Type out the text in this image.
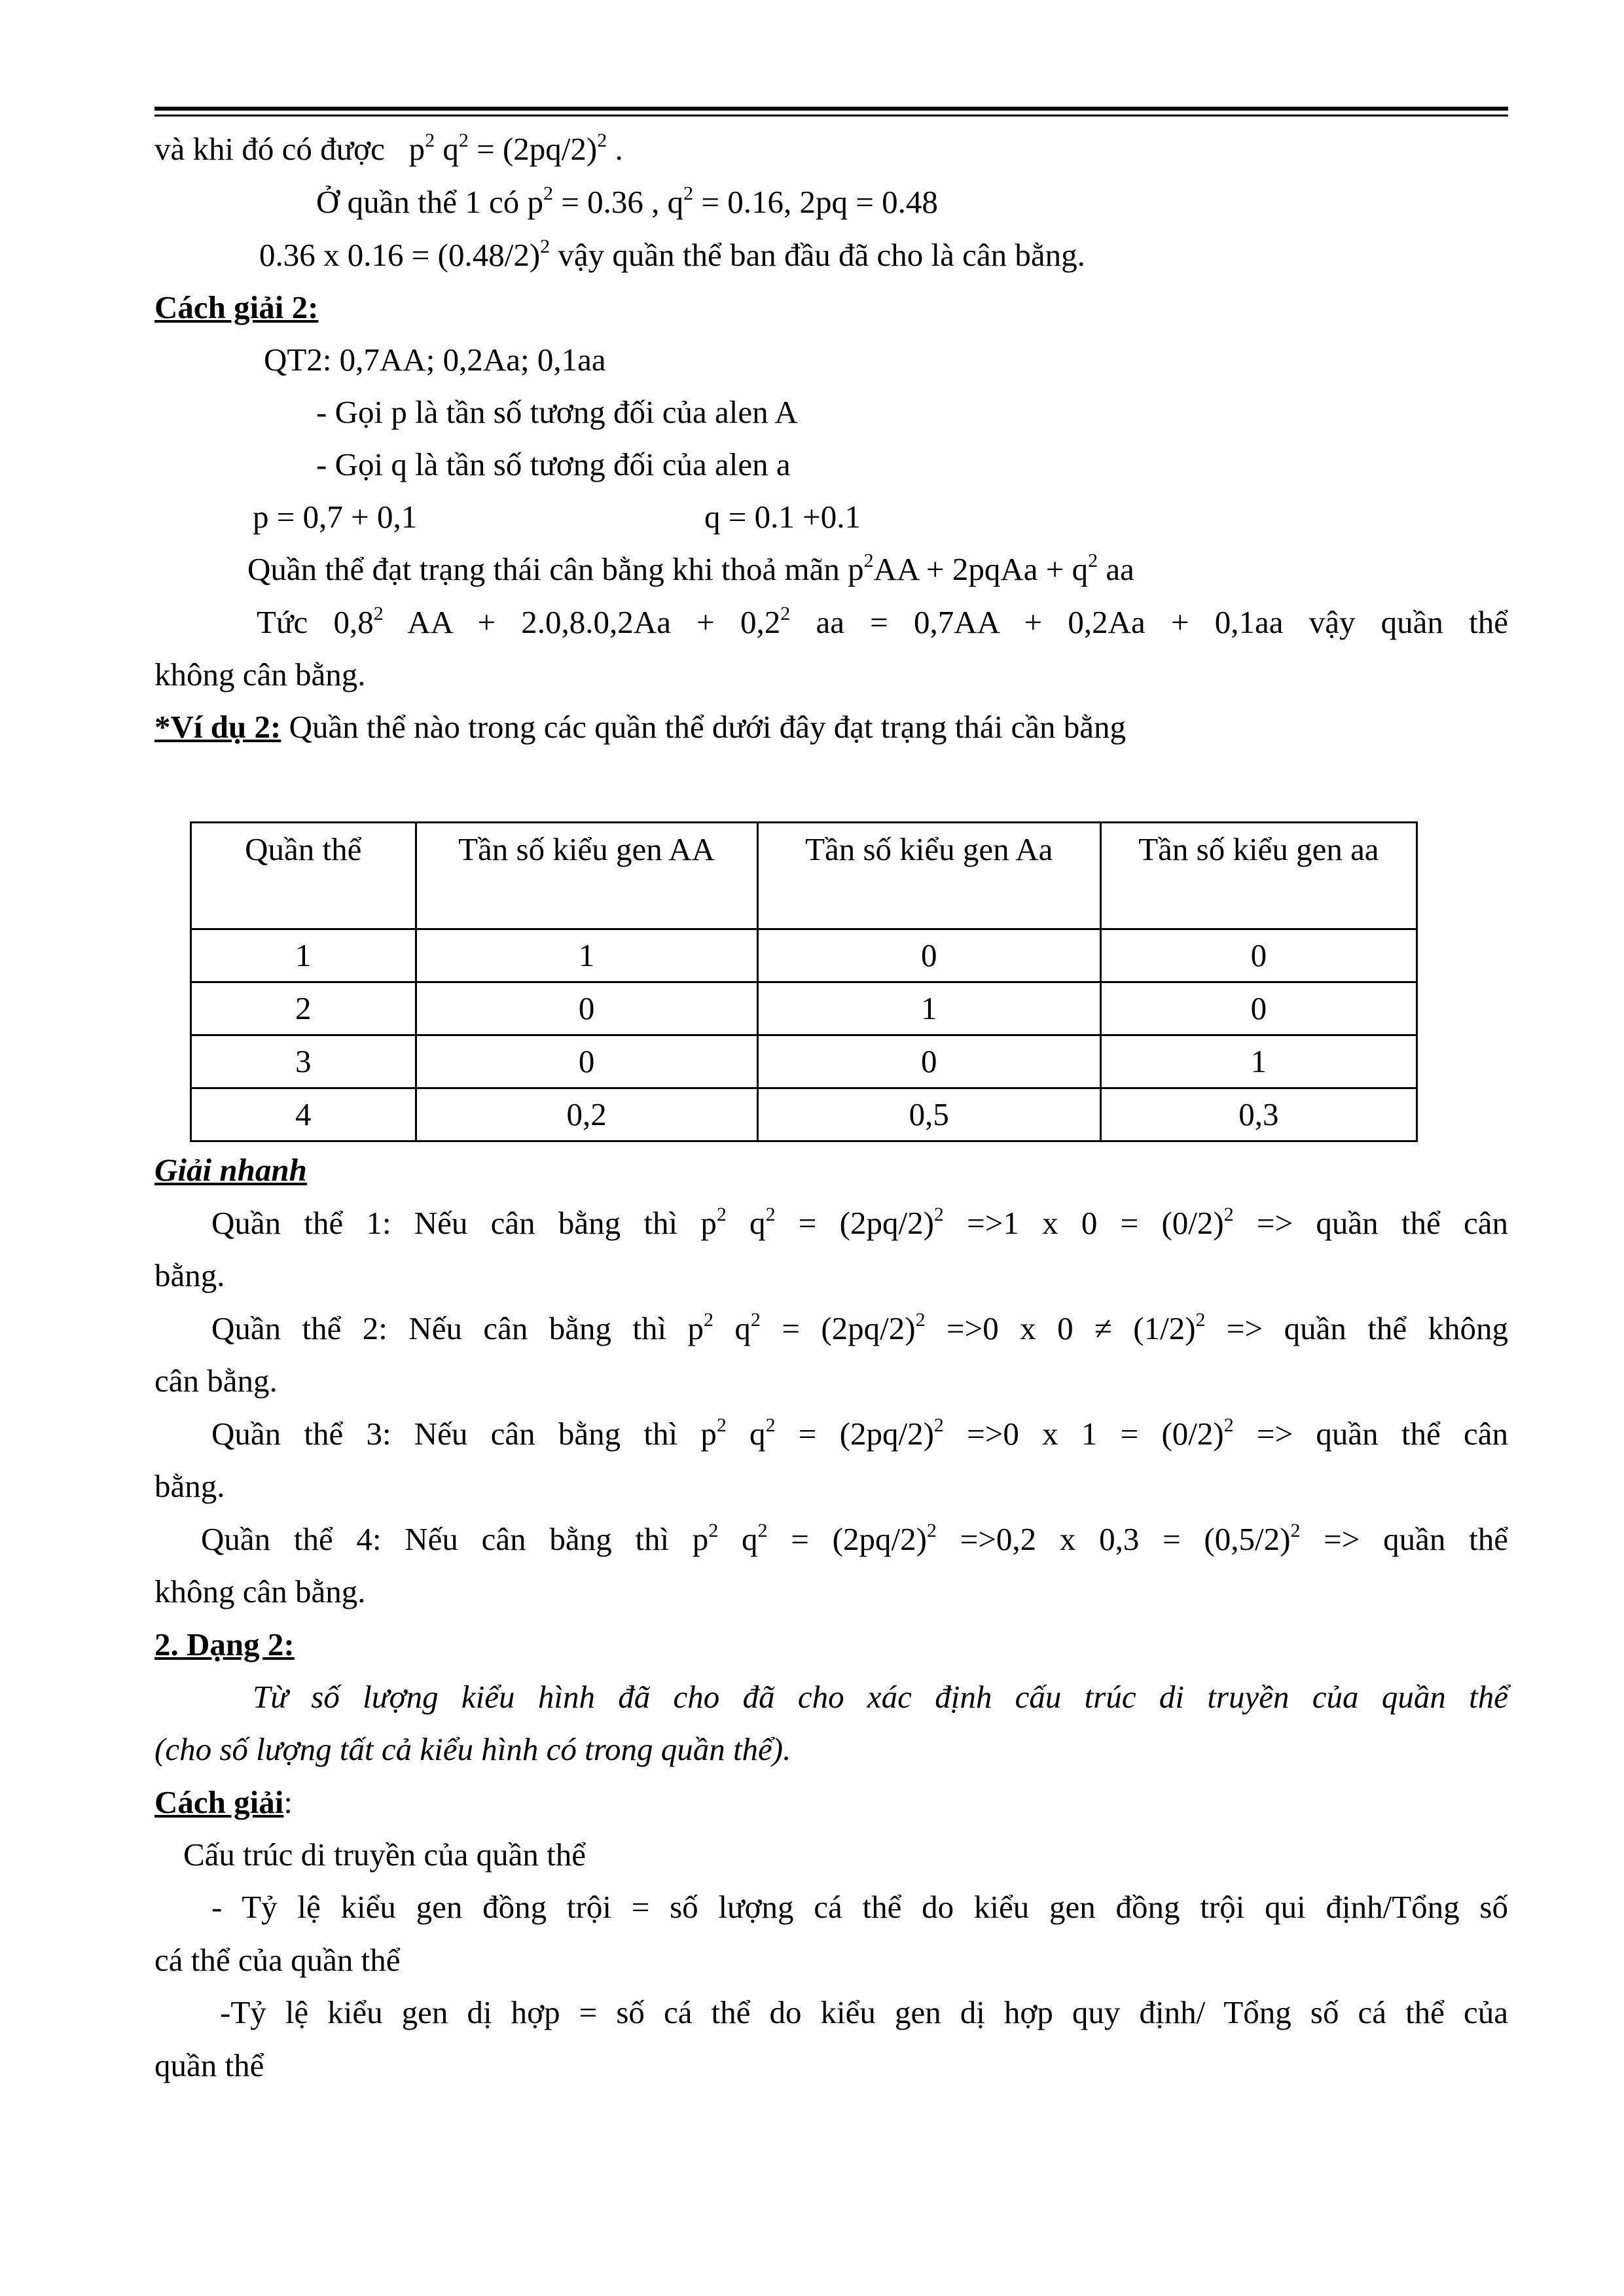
và khi đó có được $p^2$ $q^2 = (2pq/2)^2$ .
Ở quần thể 1 có $p^2 = 0.36$ , $q^2 = 0.16$, 2pq = 0.48
0.36 x $0.16 = (0.48/2)^2$ vậy quần thể ban đầu đã cho là cân bằng.
Cách giải 2:
QT2: 0,7AA; 0,2Aa; 0,1aa
- Gọi p là tần số tương đối của alen A
- Gọi q là tần số tương đối của alen a
p = 0,7 + 0,1	q = 0.1 +0.1
Quần thể đạt trạng thái cân bằng khi thoả mãn $p^2AA$ + 2pqAa + $q^2$ aa
Tức $0,8^2$ AA + $2.0,8.0,2Aa + 0,2^2$ aa = 0,7AA + 0,2Aa + 0,1aa vậy quần thể
không cân bằng.
*Ví dụ 2: Quần thể nào trong các quần thể dưới đây đạt trạng thái cần bằng
Quần thể	Tần số kiểu gen AA	Tần số kiểu gen Aa	Tần số kiểu gen aa
1	1	0	0
2	0	1	0
3	0	0	1
4	0,2	0,5	0,3
Giải nhanh
Quần thể 1: Nếu cân bằng thì $p^2$ $q^2 = (2pq/2)^2 =>1$ x $0 = (0/2)^2$ => quần thể cân
bằng.
Quần thể 2: Nếu cân bằng thì $p^2$ $q^2 = (2pq/2)^2 =>0$ x $0 \ne (1/2)^2$ => quần thể không
cân bằng.
Quần thể 3: Nếu cân bằng thì $p^2$ $q^2 = (2pq/2)^2 =>0$ x $1 = (0/2)^2$ => quần thể cân
bằng.
Quần thể 4: Nếu cân bằng thì $p^2$ $q^2 = (2pq/2)^2 =>0,2$ x $0,3 = (0,5/2)^2$ => quần thể
không cân bằng.
2. Dạng 2:
Từ số lượng kiểu hình đã cho đã cho xác định cấu trúc di truyền của quần thể
(cho số lượng tất cả kiểu hình có trong quần thể).
Cách giải:
Cấu trúc di truyền của quần thể
- Tỷ lệ kiểu gen đồng trội = số lượng cá thể do kiểu gen đồng trội qui định/Tổng số
cá thể của quần thể
-Tỷ lệ kiểu gen dị hợp = số cá thể do kiểu gen dị hợp quy định/ Tổng số cá thể của
quần thể
